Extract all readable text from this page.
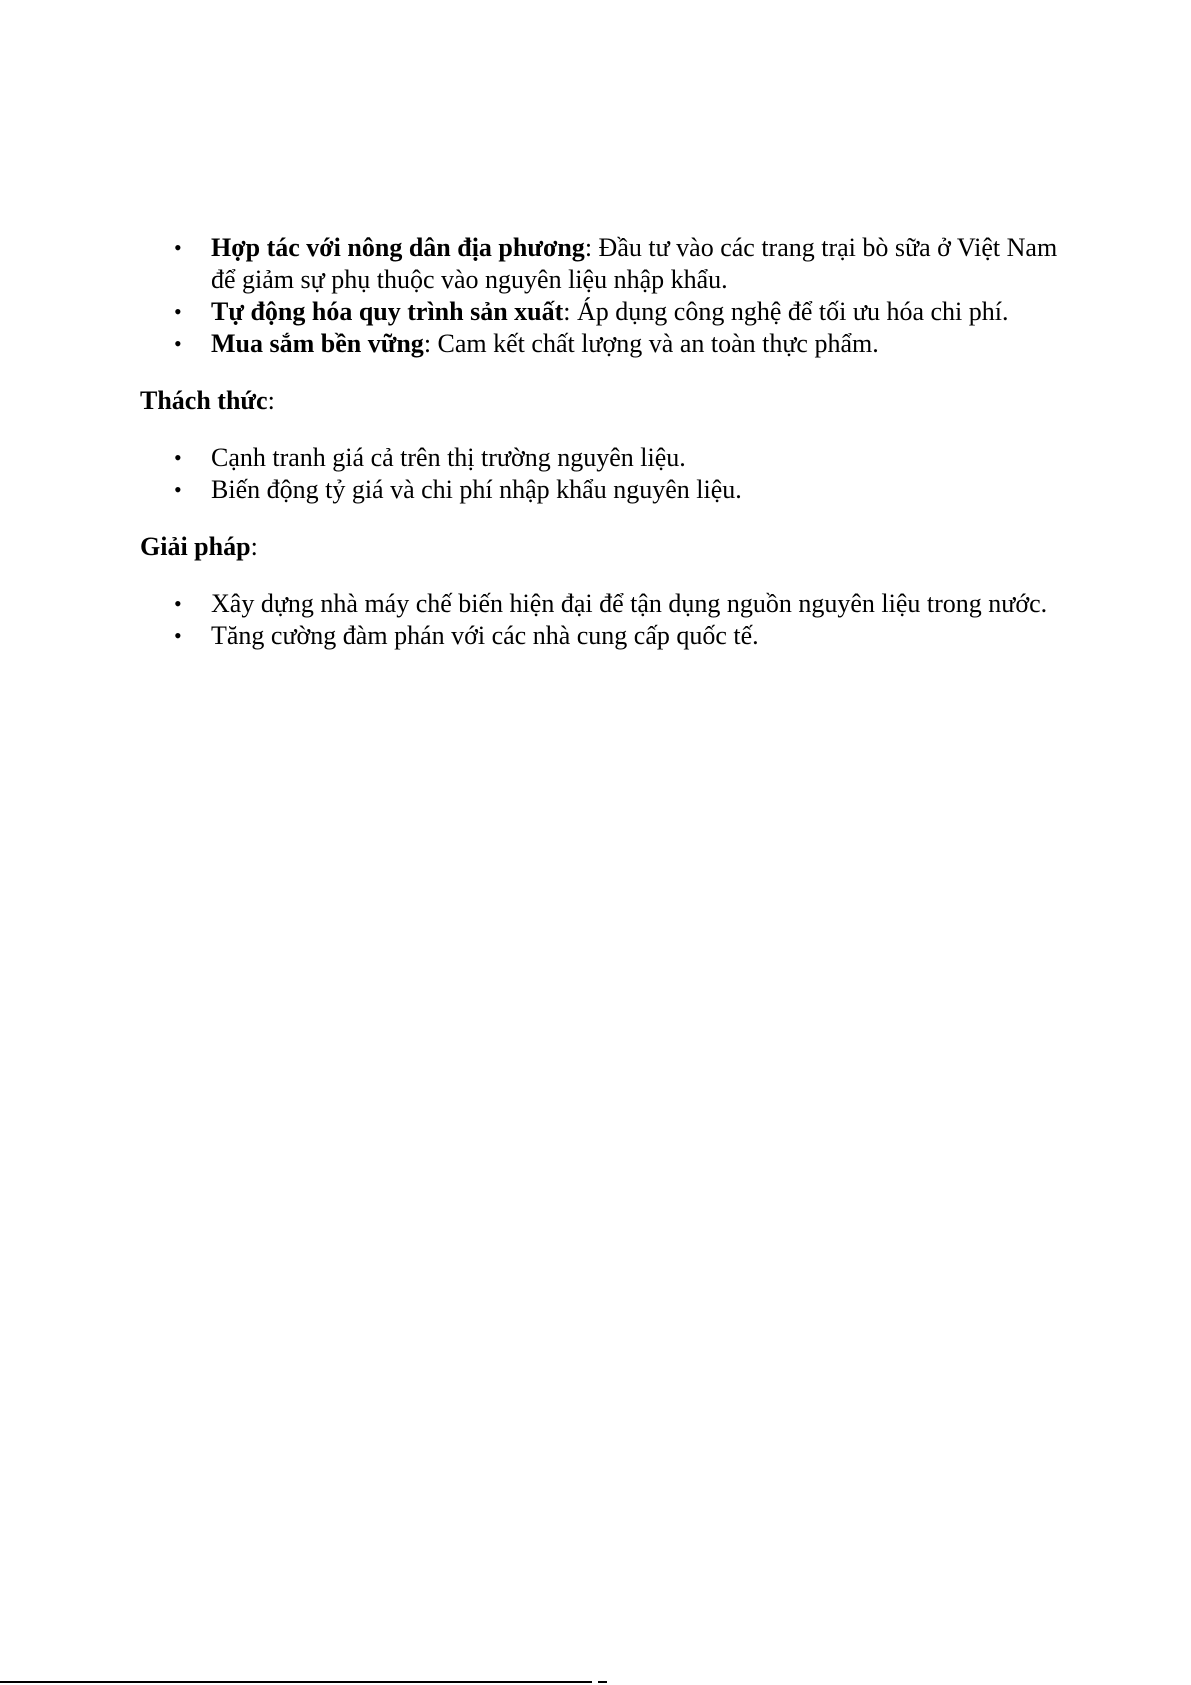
• Hợp tác với nông dân địa phương: Đầu tư vào các trang trại bò sữa ở Việt Nam để giảm sự phụ thuộc vào nguyên liệu nhập khẩu.
• Tự động hóa quy trình sản xuất: Áp dụng công nghệ để tối ưu hóa chi phí.
• Mua sắm bền vững: Cam kết chất lượng và an toàn thực phẩm.

Thách thức:

• Cạnh tranh giá cả trên thị trường nguyên liệu.
• Biến động tỷ giá và chi phí nhập khẩu nguyên liệu.

Giải pháp:

• Xây dựng nhà máy chế biến hiện đại để tận dụng nguồn nguyên liệu trong nước.
• Tăng cường đàm phán với các nhà cung cấp quốc tế.
